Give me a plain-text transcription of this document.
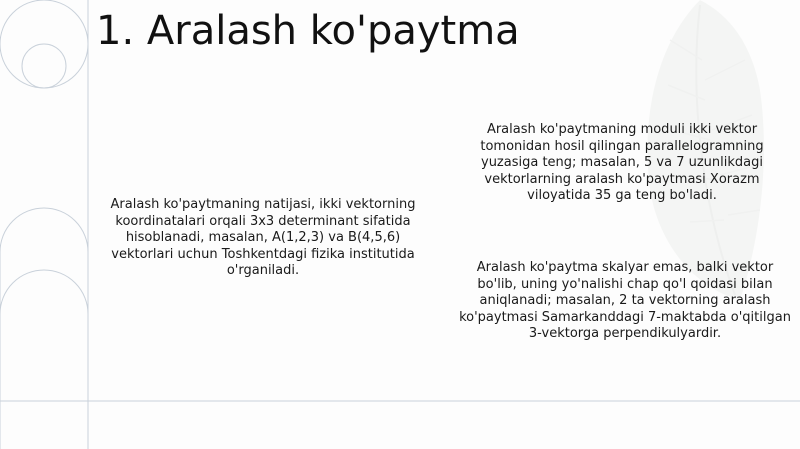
1. Aralash ko'paytma

Aralash ko'paytmaning natijasi, ikki vektorning koordinatalari orqali 3x3 determinant sifatida hisoblanadi, masalan, A(1,2,3) va B(4,5,6) vektorlari uchun Toshkentdagi fizika institutida o'rganiladi.

Aralash ko'paytmaning moduli ikki vektor tomonidan hosil qilingan parallelogramning yuzasiga teng; masalan, 5 va 7 uzunlikdagi vektorlarning aralash ko'paytmasi Xorazm viloyatida 35 ga teng bo'ladi.

Aralash ko'paytma skalyar emas, balki vektor bo'lib, uning yo'nalishi chap qo'l qoidasi bilan aniqlanadi; masalan, 2 ta vektorning aralash ko'paytmasi Samarkanddagi 7-maktabda o'qitilgan 3-vektorga perpendikulyardir.
